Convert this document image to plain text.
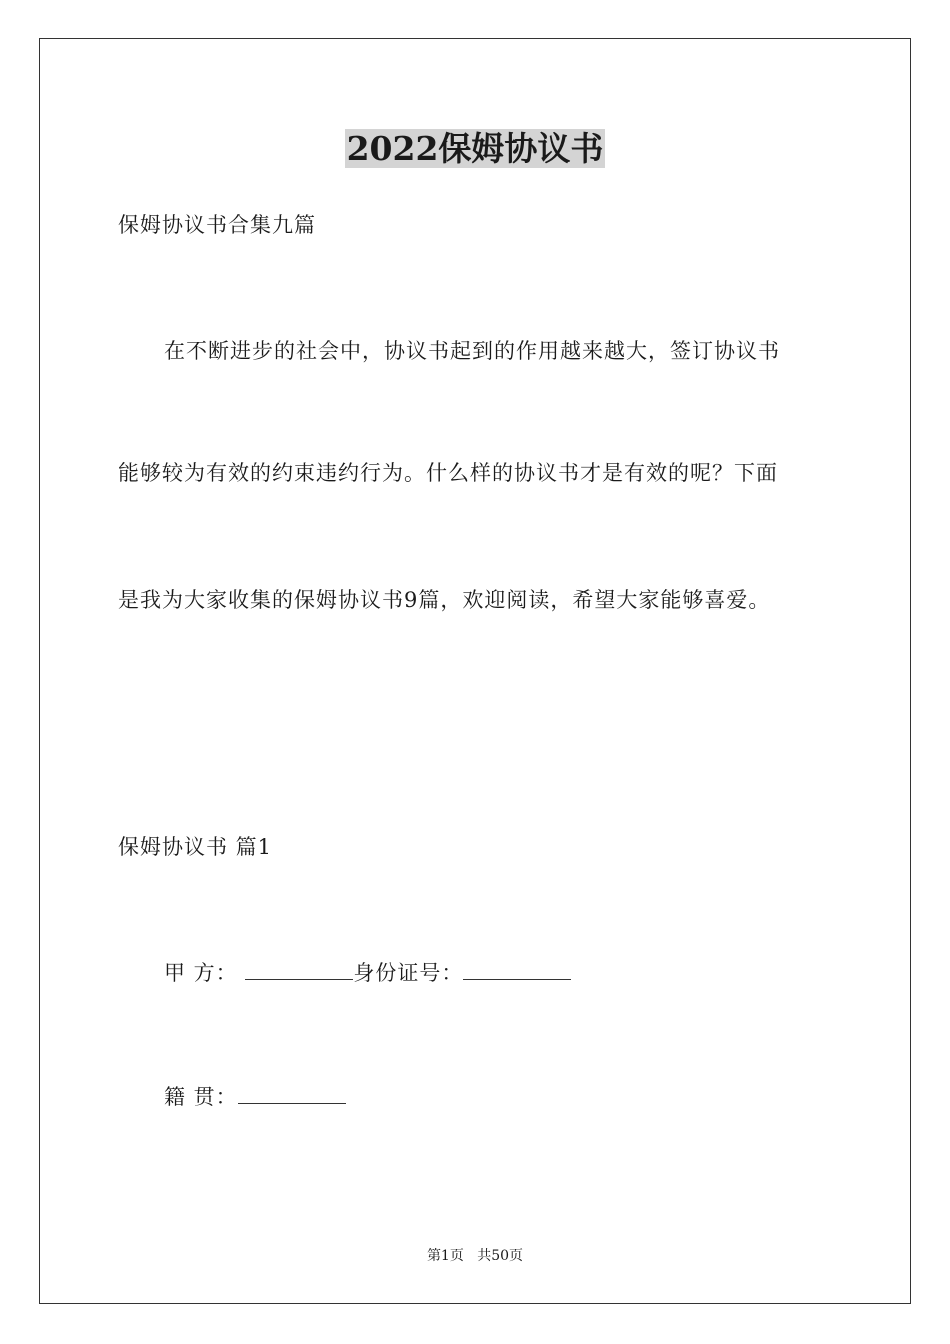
2022保姆协议书

保姆协议书合集九篇

在不断进步的社会中，协议书起到的作用越来越大，签订协议书

能够较为有效的约束违约行为。什么样的协议书才是有效的呢？下面

是我为大家收集的保姆协议书9篇，欢迎阅读，希望大家能够喜爱。

保姆协议书 篇1

甲 方：	身份证号：

籍 贯：

第1页 共50页
